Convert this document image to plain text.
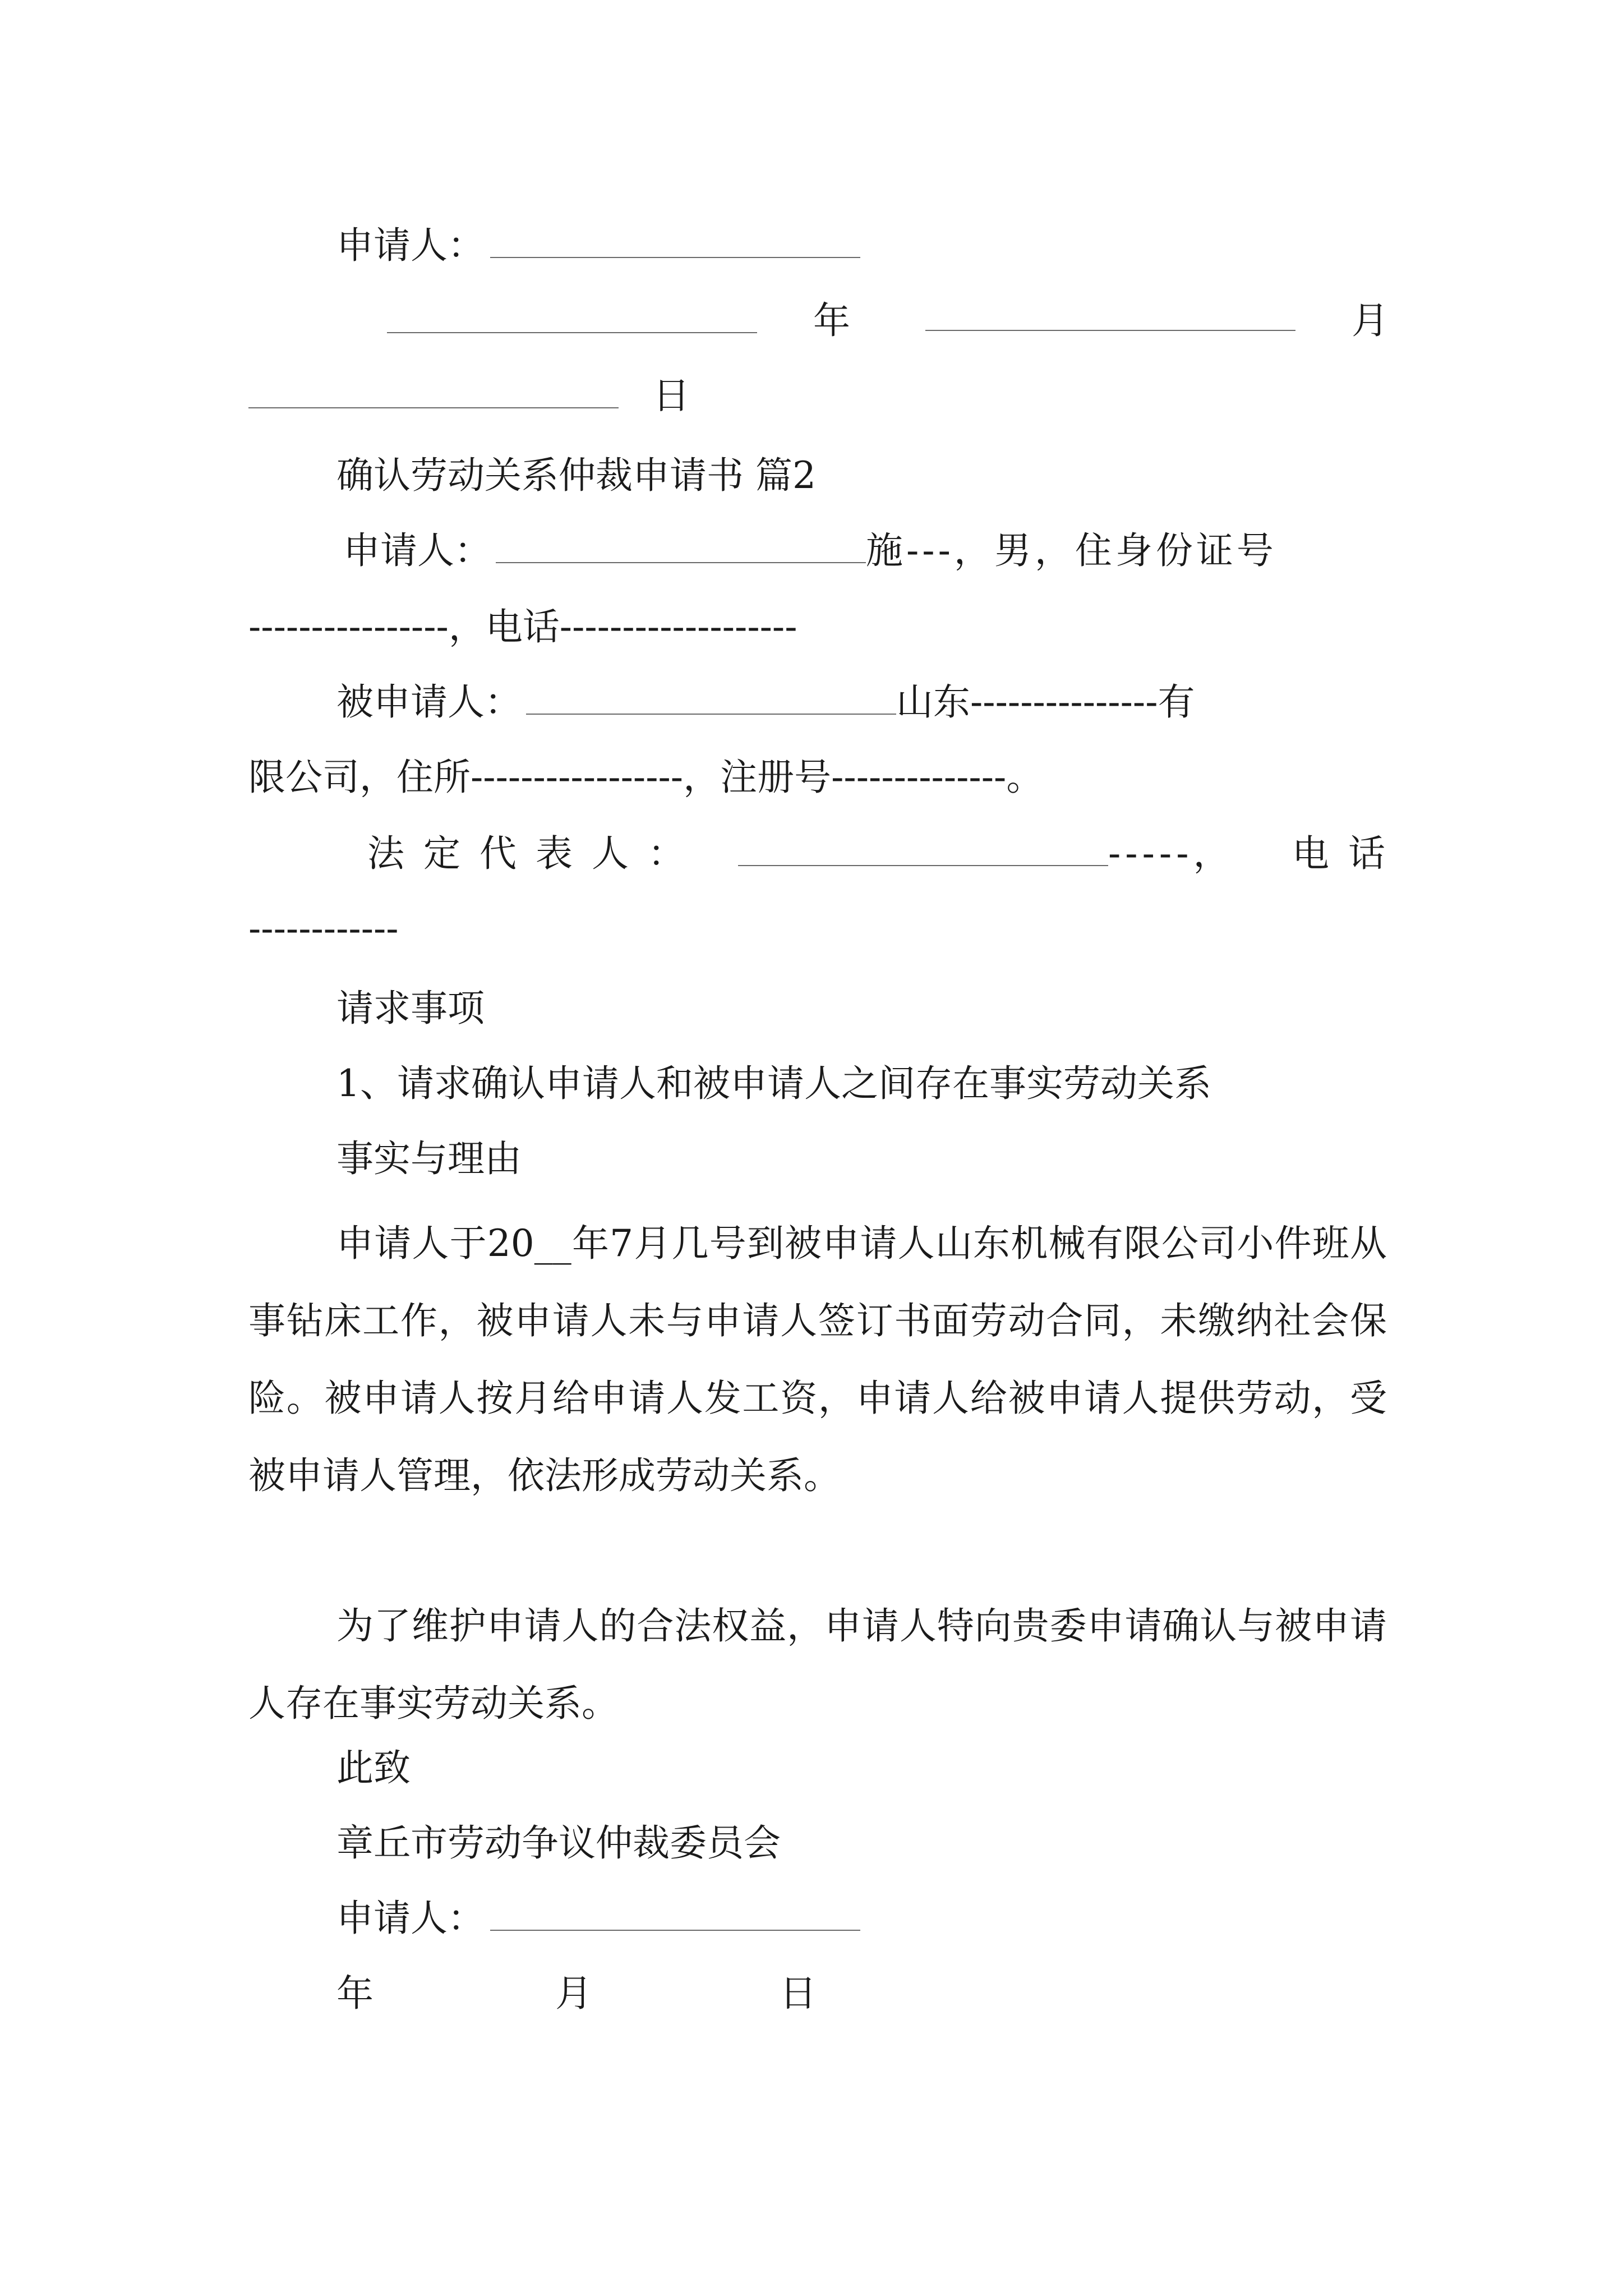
申请人：
年	月
日
确认劳动关系仲裁申请书 篇2
申请人：	施---，男，住身份证号
----------------，电话-------------------
被申请人：	山东---------------有
限公司，住所-----------------，注册号--------------。
法定代表人：	-----， 电话
------------
请求事项
1、请求确认申请人和被申请人之间存在事实劳动关系
事实与理由
申请人于20__年7月几号到被申请人山东机械有限公司小件班从事钻床工作，被申请人未与申请人签订书面劳动合同，未缴纳社会保险。被申请人按月给申请人发工资，申请人给被申请人提供劳动，受被申请人管理，依法形成劳动关系。
为了维护申请人的合法权益，申请人特向贵委申请确认与被申请人存在事实劳动关系。
此致
章丘市劳动争议仲裁委员会
申请人：
年	月	日
